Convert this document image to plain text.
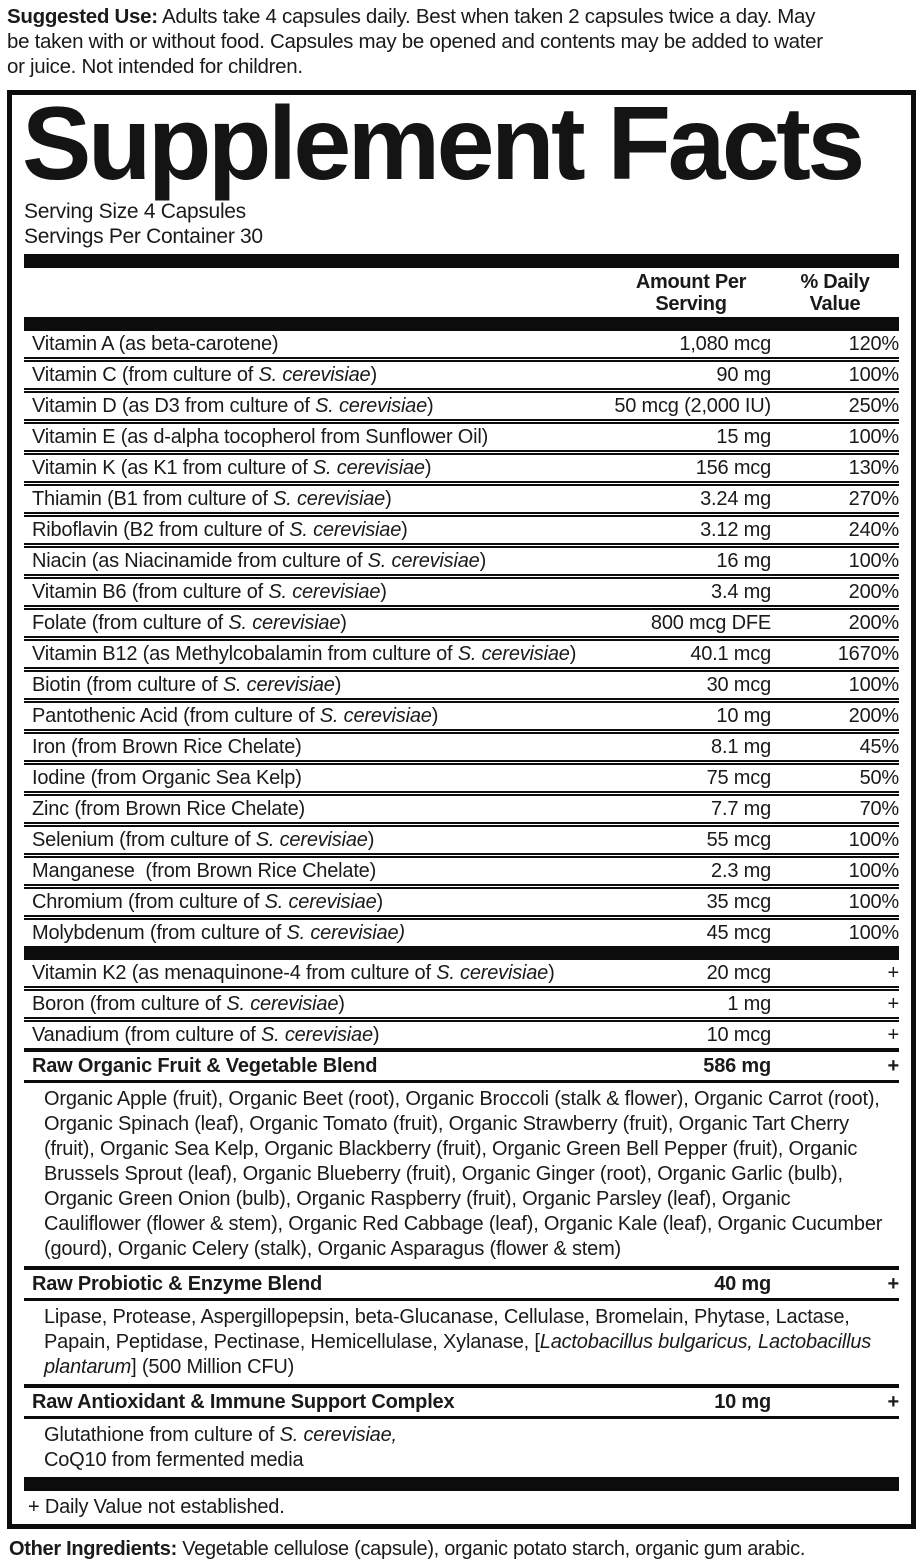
Suggested Use: Adults take 4 capsules daily. Best when taken 2 capsules twice a day. May be taken with or without food. Capsules may be opened and contents may be added to water or juice. Not intended for children.

Supplement Facts
Serving Size 4 Capsules
Servings Per Container 30
Amount Per
Serving
% Daily
Value
Vitamin A (as beta-carotene)	1,080 mcg	120%
Vitamin C (from culture of S. cerevisiae)	90 mg	100%
Vitamin D (as D3 from culture of S. cerevisiae)	50 mcg (2,000 IU)	250%
Vitamin E (as d-alpha tocopherol from Sunflower Oil)	15 mg	100%
Vitamin K (as K1 from culture of S. cerevisiae)	156 mcg	130%
Thiamin (B1 from culture of S. cerevisiae)	3.24 mg	270%
Riboflavin (B2 from culture of S. cerevisiae)	3.12 mg	240%
Niacin (as Niacinamide from culture of S. cerevisiae)	16 mg	100%
Vitamin B6 (from culture of S. cerevisiae)	3.4 mg	200%
Folate (from culture of S. cerevisiae)	800 mcg DFE	200%
Vitamin B12 (as Methylcobalamin from culture of S. cerevisiae)	40.1 mcg	1670%
Biotin (from culture of S. cerevisiae)	30 mcg	100%
Pantothenic Acid (from culture of S. cerevisiae)	10 mg	200%
Iron (from Brown Rice Chelate)	8.1 mg	45%
Iodine (from Organic Sea Kelp)	75 mcg	50%
Zinc (from Brown Rice Chelate)	7.7 mg	70%
Selenium (from culture of S. cerevisiae)	55 mcg	100%
Manganese  (from Brown Rice Chelate)	2.3 mg	100%
Chromium (from culture of S. cerevisiae)	35 mcg	100%
Molybdenum (from culture of S. cerevisiae)	45 mcg	100%
Vitamin K2 (as menaquinone-4 from culture of S. cerevisiae)	20 mcg	+
Boron (from culture of S. cerevisiae)	1 mg	+
Vanadium (from culture of S. cerevisiae)	10 mcg	+
Raw Organic Fruit & Vegetable Blend	586 mg	+
Organic Apple (fruit), Organic Beet (root), Organic Broccoli (stalk & flower), Organic Carrot (root), Organic Spinach (leaf), Organic Tomato (fruit), Organic Strawberry (fruit), Organic Tart Cherry (fruit), Organic Sea Kelp, Organic Blackberry (fruit), Organic Green Bell Pepper (fruit), Organic Brussels Sprout (leaf), Organic Blueberry (fruit), Organic Ginger (root), Organic Garlic (bulb), Organic Green Onion (bulb), Organic Raspberry (fruit), Organic Parsley (leaf), Organic Cauliflower (flower & stem), Organic Red Cabbage (leaf), Organic Kale (leaf), Organic Cucumber (gourd), Organic Celery (stalk), Organic Asparagus (flower & stem)
Raw Probiotic & Enzyme Blend	40 mg	+
Lipase, Protease, Aspergillopepsin, beta-Glucanase, Cellulase, Bromelain, Phytase, Lactase, Papain, Peptidase, Pectinase, Hemicellulase, Xylanase, [Lactobacillus bulgaricus, Lactobacillus plantarum] (500 Million CFU)
Raw Antioxidant & Immune Support Complex	10 mg	+
Glutathione from culture of S. cerevisiae,
CoQ10 from fermented media
+ Daily Value not established.

Other Ingredients: Vegetable cellulose (capsule), organic potato starch, organic gum arabic.
